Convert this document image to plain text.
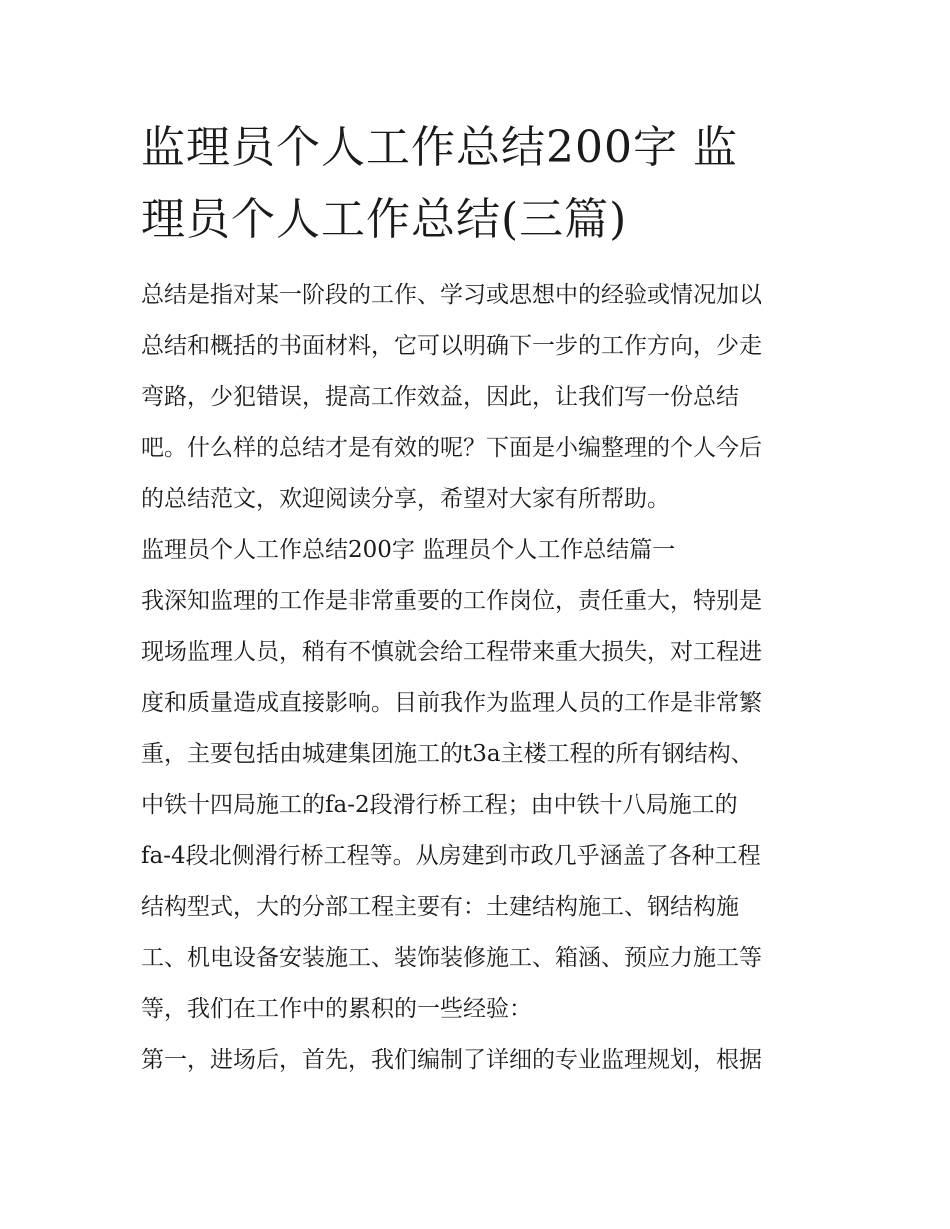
监理员个人工作总结200字 监
理员个人工作总结(三篇)

总结是指对某一阶段的工作、学习或思想中的经验或情况加以
总结和概括的书面材料，它可以明确下一步的工作方向，少走
弯路，少犯错误，提高工作效益，因此，让我们写一份总结
吧。什么样的总结才是有效的呢？下面是小编整理的个人今后
的总结范文，欢迎阅读分享，希望对大家有所帮助。

监理员个人工作总结200字 监理员个人工作总结篇一

我深知监理的工作是非常重要的工作岗位，责任重大，特别是
现场监理人员，稍有不慎就会给工程带来重大损失，对工程进
度和质量造成直接影响。目前我作为监理人员的工作是非常繁
重，主要包括由城建集团施工的t3a主楼工程的所有钢结构、
中铁十四局施工的fa-2段滑行桥工程；由中铁十八局施工的
fa-4段北侧滑行桥工程等。从房建到市政几乎涵盖了各种工程
结构型式，大的分部工程主要有：土建结构施工、钢结构施
工、机电设备安装施工、装饰装修施工、箱涵、预应力施工等
等，我们在工作中的累积的一些经验：

第一，进场后，首先，我们编制了详细的专业监理规划，根据
